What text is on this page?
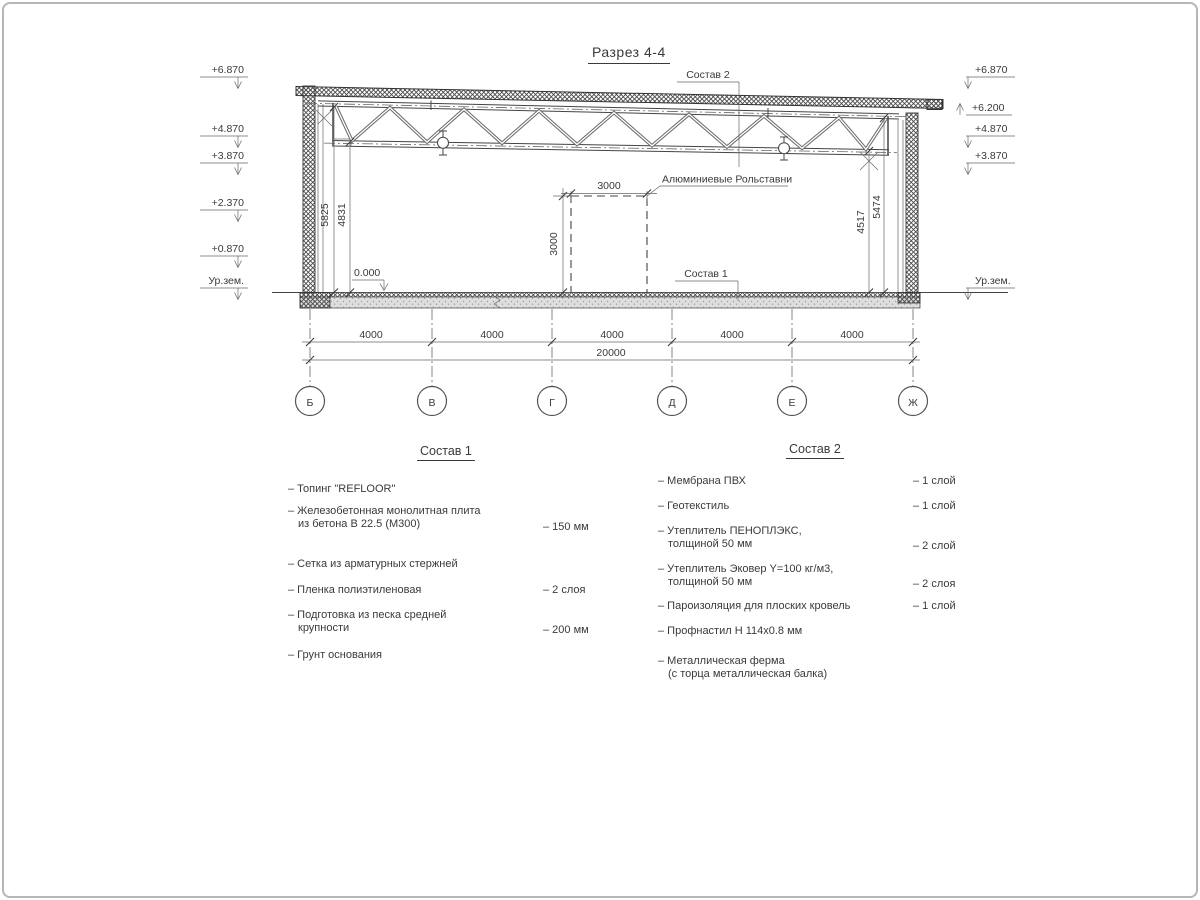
Разрез 4-4
3000
3000
Алюминиевые Рольставни
Состав 2
Состав 1
0.000
5825 4831	4517
5474
4000	4000	4000	4000	4000
20000
Б	В	Г	Д	Е	Ж
+6.870
+4.870
+3.870
+2.370
+0.870
Ур.зем.
+6.870
+6.200
+4.870
+3.870
Ур.зем.
Состав 1
– Топинг "REFLOOR"
– Железобетонная монолитная плита
из бетона В 22.5 (М300)	– 150 мм
– Сетка из арматурных стержней
– Пленка полиэтиленовая	– 2 слоя
– Подготовка из песка средней
крупности	– 200 мм
– Грунт основания
Состав 2
– Мембрана ПВХ	– 1 слой
– Геотекстиль	– 1 слой
– Утеплитель ПЕНОПЛЭКС,
толщиной 50 мм	– 2 слой
– Утеплитель Эковер Y=100 кг/м3,
толщиной 50 мм	– 2 слоя
– Пароизоляция для плоских кровель	– 1 слой
– Профнастил Н 114х0.8 мм
– Металлическая ферма
(с торца металлическая балка)
